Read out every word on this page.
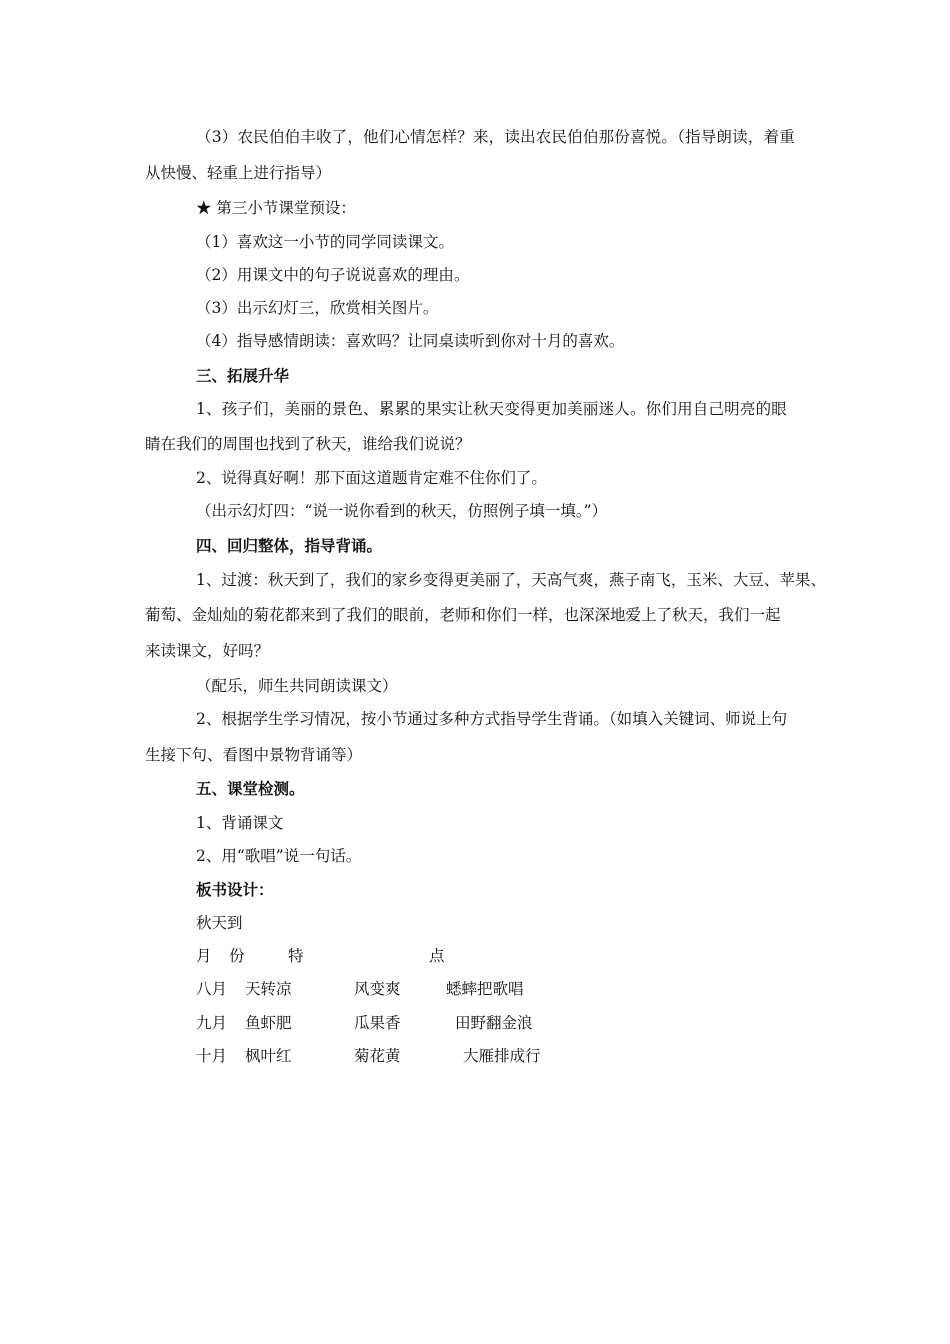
（3）农民伯伯丰收了，他们心情怎样？来，读出农民伯伯那份喜悦。（指导朗读，着重
从快慢、轻重上进行指导）
★ 第三小节课堂预设：
（1）喜欢这一小节的同学同读课文。
（2）用课文中的句子说说喜欢的理由。
（3）出示幻灯三，欣赏相关图片。
（4）指导感情朗读：喜欢吗？让同桌读听到你对十月的喜欢。
三、拓展升华
1、孩子们，美丽的景色、累累的果实让秋天变得更加美丽迷人。你们用自己明亮的眼
睛在我们的周围也找到了秋天，谁给我们说说？
2、说得真好啊！那下面这道题肯定难不住你们了。
（出示幻灯四：“说一说你看到的秋天，仿照例子填一填。”）
四、回归整体，指导背诵。
1、过渡：秋天到了，我们的家乡变得更美丽了，天高气爽，燕子南飞，玉米、大豆、苹果、
葡萄、金灿灿的菊花都来到了我们的眼前，老师和你们一样，也深深地爱上了秋天，我们一起
来读课文，好吗？
（配乐，师生共同朗读课文）
2、根据学生学习情况，按小节通过多种方式指导学生背诵。（如填入关键词、师说上句
生接下句、看图中景物背诵等）
五、课堂检测。
1、背诵课文
2、用“歌唱”说一句话。
板书设计：
秋天到
月 份	特	点
八月 天转凉	风变爽	蟋蟀把歌唱
九月 鱼虾肥	瓜果香	田野翻金浪
十月 枫叶红	菊花黄	大雁排成行
